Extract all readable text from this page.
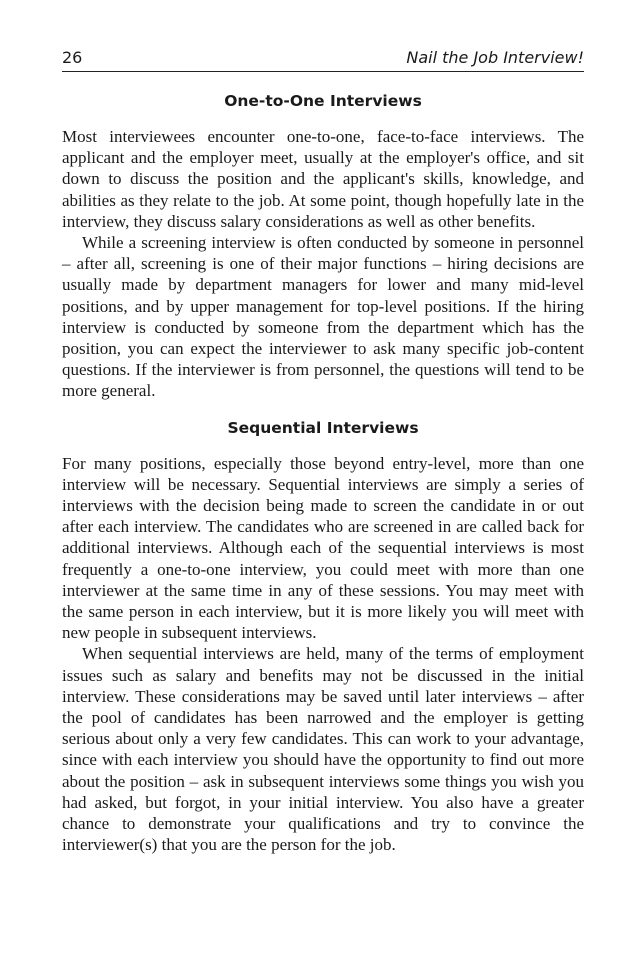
26	Nail the Job Interview!
One-to-One Interviews

Most interviewees encounter one-to-one, face-to-face interviews. The applicant and the employer meet, usually at the employer's office, and sit down to discuss the position and the applicant's skills, knowledge, and abilities as they relate to the job. At some point, though hopefully late in the interview, they discuss salary considerations as well as other benefits.

While a screening interview is often conducted by someone in personnel – after all, screening is one of their major functions – hiring decisions are usually made by department managers for lower and many mid-level positions, and by upper management for top-level positions. If the hiring interview is conducted by someone from the department which has the position, you can expect the interviewer to ask many specific job-content questions. If the interviewer is from personnel, the questions will tend to be more general.

Sequential Interviews

For many positions, especially those beyond entry-level, more than one interview will be necessary. Sequential interviews are simply a series of interviews with the decision being made to screen the candidate in or out after each interview. The candidates who are screened in are called back for additional interviews. Although each of the sequential interviews is most frequently a one-to-one interview, you could meet with more than one interviewer at the same time in any of these sessions. You may meet with the same person in each interview, but it is more likely you will meet with new people in subsequent interviews.

When sequential interviews are held, many of the terms of employment issues such as salary and benefits may not be discussed in the initial interview. These considerations may be saved until later interviews – after the pool of candidates has been narrowed and the employer is getting serious about only a very few candidates. This can work to your advantage, since with each interview you should have the opportunity to find out more about the position – ask in subsequent interviews some things you wish you had asked, but forgot, in your initial interview. You also have a greater chance to demonstrate your qualifications and try to convince the interviewer(s) that you are the person for the job.
